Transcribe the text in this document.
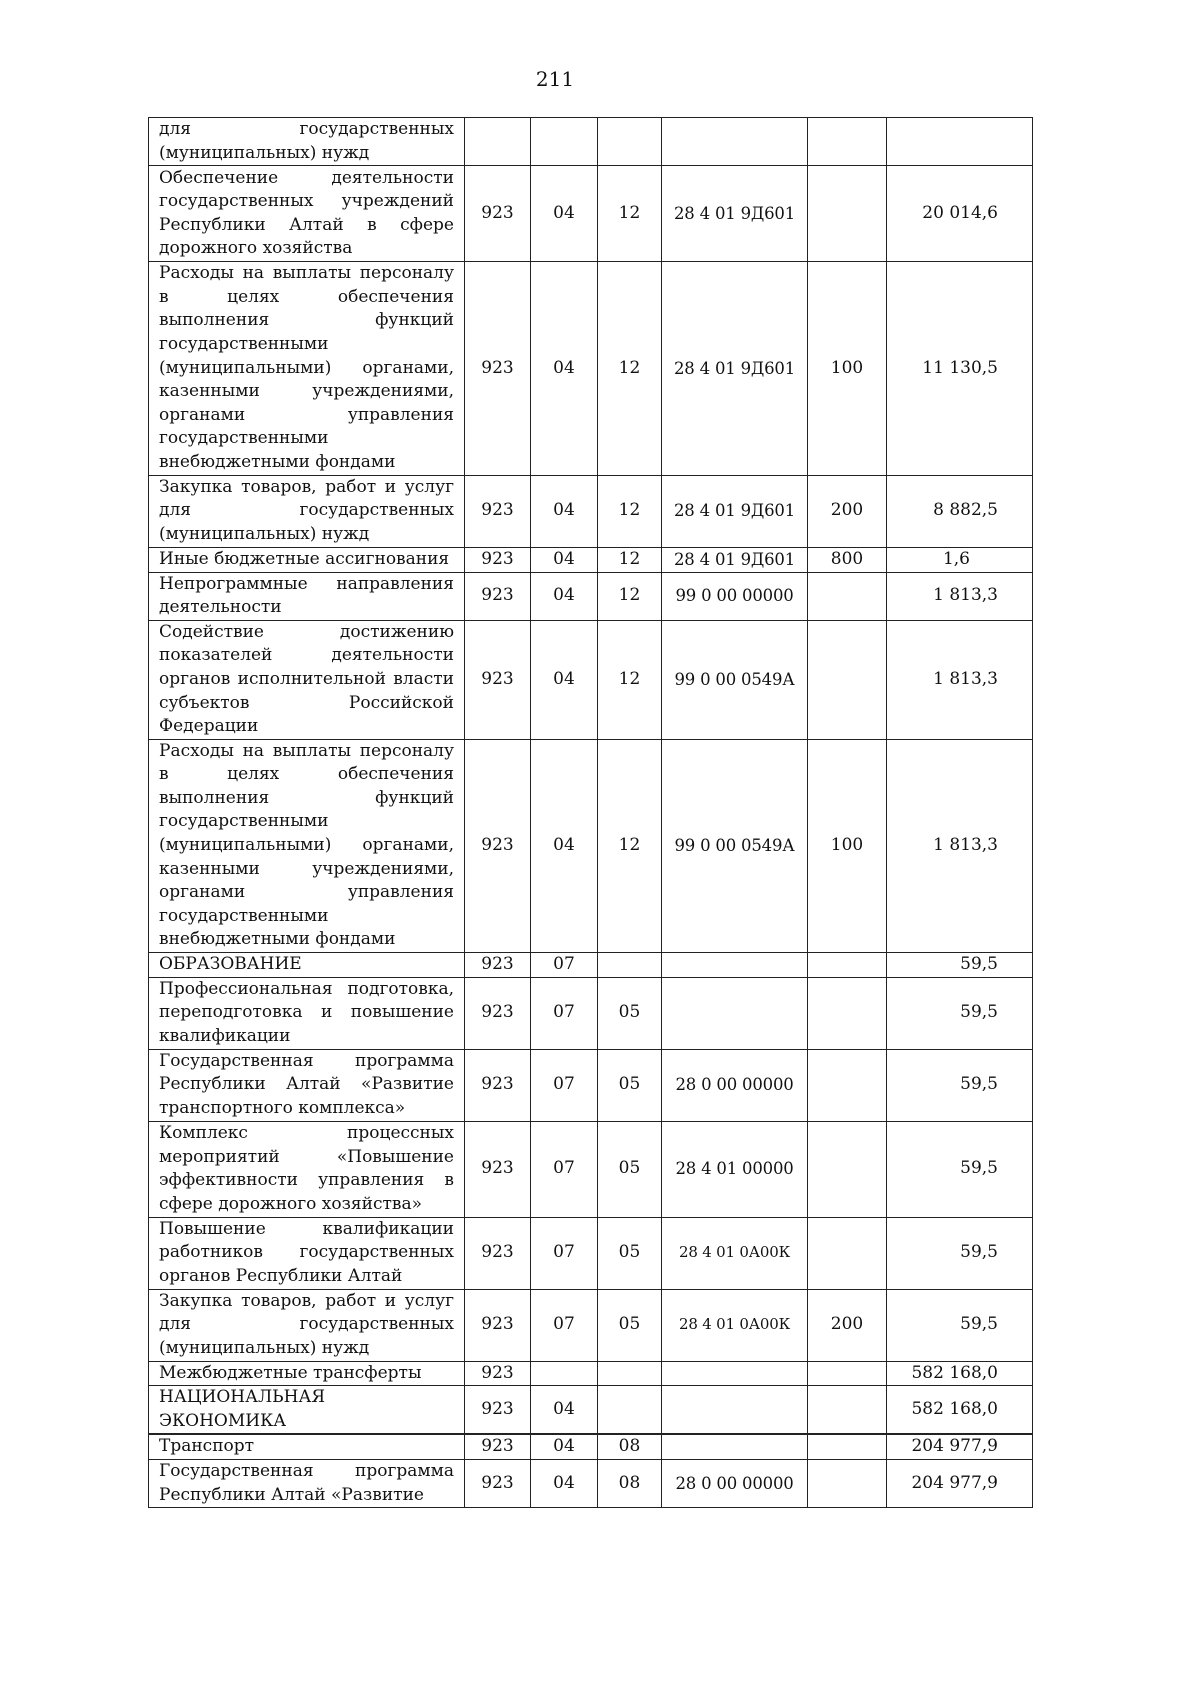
211
для государственных (муниципальных) нужд						
Обеспечение деятельности государственных учреждений Республики Алтай в сфере дорожного хозяйства	923	04	12	28 4 01 9Д601		20 014,6
Расходы на выплаты персоналу в целях обеспечения выполнения функций государственными (муниципальными) органами, казенными учреждениями, органами управления государственными внебюджетными фондами	923	04	12	28 4 01 9Д601	100	11 130,5
Закупка товаров, работ и услуг для государственных (муниципальных) нужд	923	04	12	28 4 01 9Д601	200	8 882,5
Иные бюджетные ассигнования	923	04	12	28 4 01 9Д601	800	1,6
Непрограммные направления деятельности	923	04	12	99 0 00 00000		1 813,3
Содействие достижению показателей деятельности органов исполнительной власти субъектов Российской Федерации	923	04	12	99 0 00 0549А		1 813,3
Расходы на выплаты персоналу в целях обеспечения выполнения функций государственными (муниципальными) органами, казенными учреждениями, органами управления государственными внебюджетными фондами	923	04	12	99 0 00 0549А	100	1 813,3
ОБРАЗОВАНИЕ	923	07				59,5
Профессиональная подготовка, переподготовка и повышение квалификации	923	07	05			59,5
Государственная программа Республики Алтай «Развитие транспортного комплекса»	923	07	05	28 0 00 00000		59,5
Комплекс процессных мероприятий «Повышение эффективности управления в сфере дорожного хозяйства»	923	07	05	28 4 01 00000		59,5
Повышение квалификации работников государственных органов Республики Алтай	923	07	05	28 4 01 0А00К		59,5
Закупка товаров, работ и услуг для государственных (муниципальных) нужд	923	07	05	28 4 01 0А00К	200	59,5
Межбюджетные трансферты	923					582 168,0
НАЦИОНАЛЬНАЯ ЭКОНОМИКА	923	04				582 168,0
Транспорт	923	04	08			204 977,9
Государственная программа Республики Алтай «Развитие	923	04	08	28 0 00 00000		204 977,9
